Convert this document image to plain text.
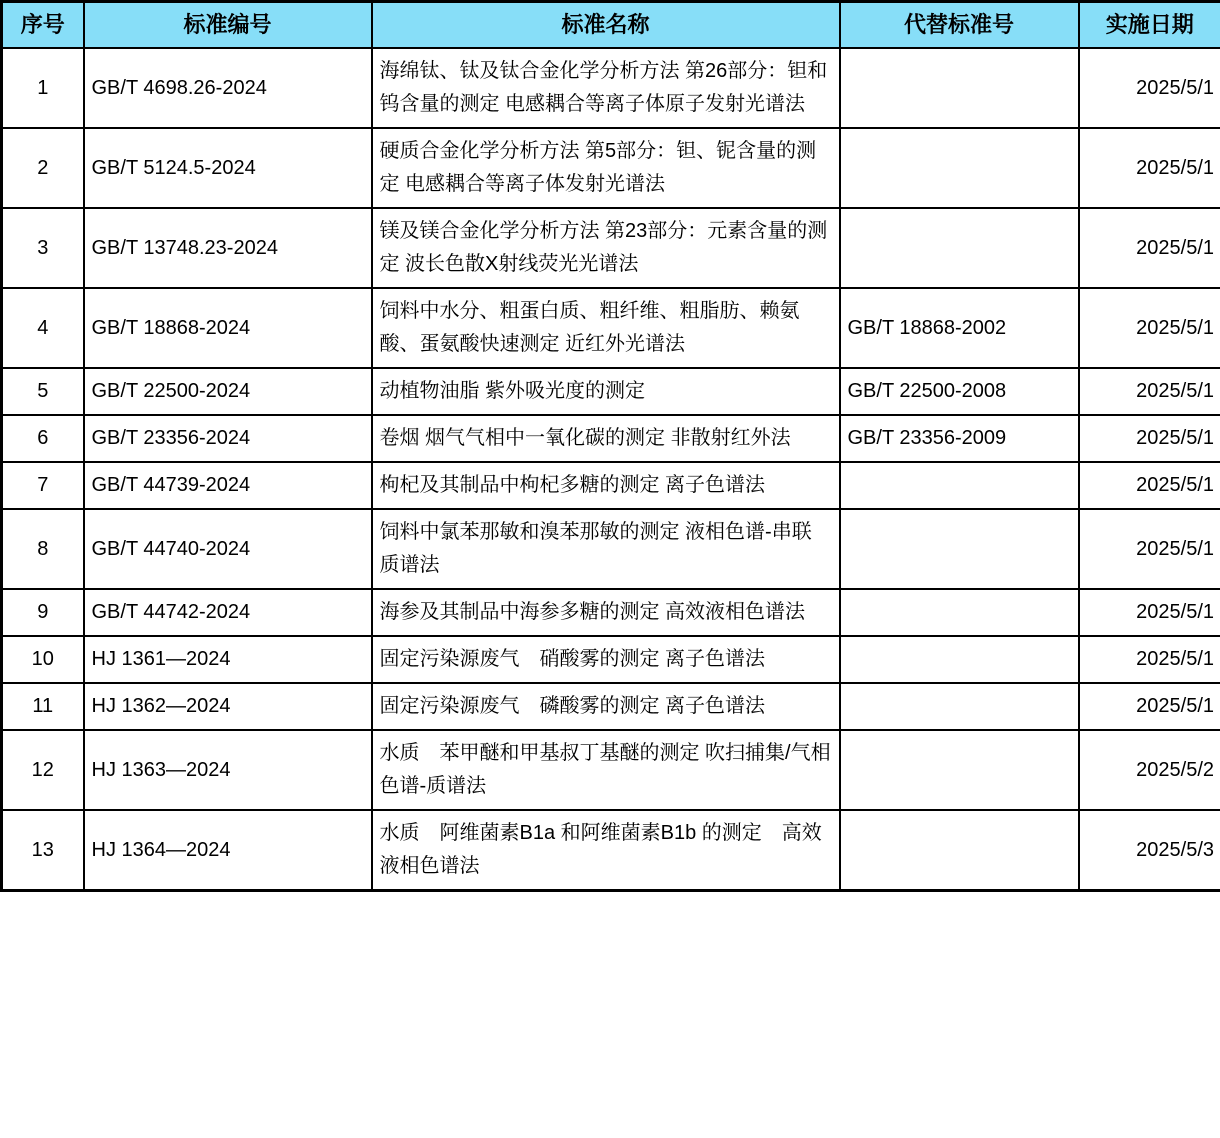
序号	标准编号	标准名称	代替标准号	实施日期
1	GB/T 4698.26-2024	海绵钛、钛及钛合金化学分析方法 第26部分：钽和钨含量的测定 电感耦合等离子体原子发射光谱法		2025/5/1
2	GB/T 5124.5-2024	硬质合金化学分析方法 第5部分：钽、铌含量的测定 电感耦合等离子体发射光谱法		2025/5/1
3	GB/T 13748.23-2024	镁及镁合金化学分析方法 第23部分：元素含量的测定 波长色散X射线荧光光谱法		2025/5/1
4	GB/T 18868-2024	饲料中水分、粗蛋白质、粗纤维、粗脂肪、赖氨酸、蛋氨酸快速测定 近红外光谱法	GB/T 18868-2002	2025/5/1
5	GB/T 22500-2024	动植物油脂 紫外吸光度的测定	GB/T 22500-2008	2025/5/1
6	GB/T 23356-2024	卷烟 烟气气相中一氧化碳的测定 非散射红外法	GB/T 23356-2009	2025/5/1
7	GB/T 44739-2024	枸杞及其制品中枸杞多糖的测定 离子色谱法		2025/5/1
8	GB/T 44740-2024	饲料中氯苯那敏和溴苯那敏的测定 液相色谱-串联质谱法		2025/5/1
9	GB/T 44742-2024	海参及其制品中海参多糖的测定 高效液相色谱法		2025/5/1
10	HJ 1361—2024	固定污染源废气　硝酸雾的测定 离子色谱法		2025/5/1
11	HJ 1362—2024	固定污染源废气　磷酸雾的测定 离子色谱法		2025/5/1
12	HJ 1363—2024	水质　苯甲醚和甲基叔丁基醚的测定 吹扫捕集/气相色谱-质谱法		2025/5/2
13	HJ 1364—2024	水质　阿维菌素B1a 和阿维菌素B1b 的测定　高效液相色谱法		2025/5/3
